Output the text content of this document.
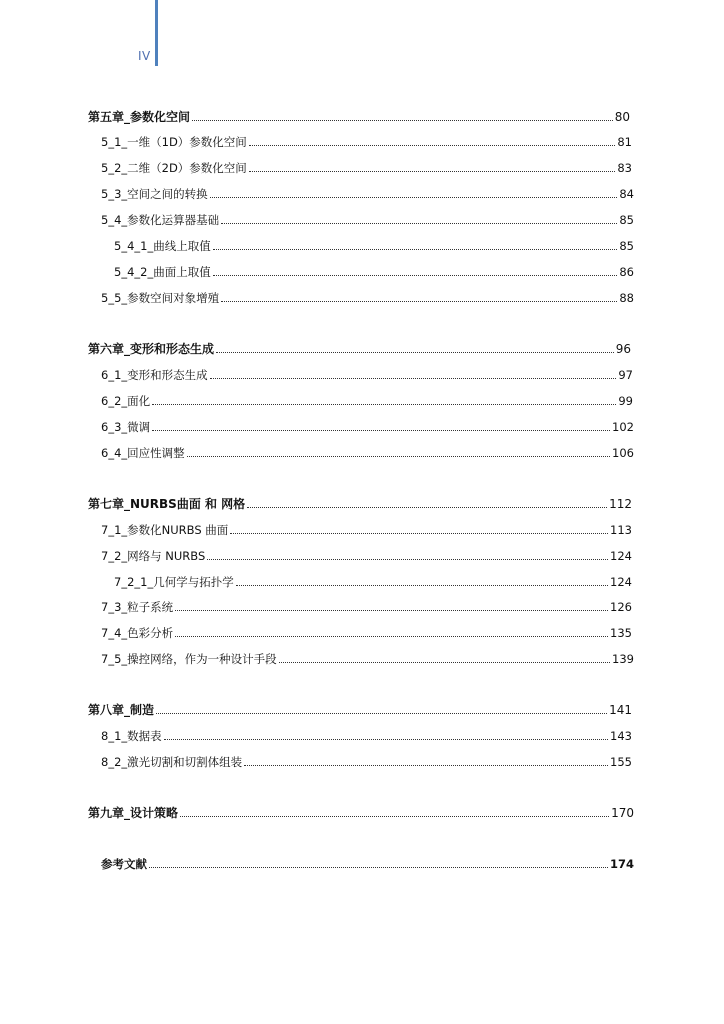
IV
第五章_参数化空间	80
5_1_一维（1D）参数化空间	81
5_2_二维（2D）参数化空间	83
5_3_空间之间的转换	84
5_4_参数化运算器基础	85
5_4_1_曲线上取值	85
5_4_2_曲面上取值	86
5_5_参数空间对象增殖	88
第六章_变形和形态生成	96
6_1_变形和形态生成	97
6_2_面化	99
6_3_微调	102
6_4_回应性调整	106
第七章_NURBS曲面 和 网格	112
7_1_参数化NURBS 曲面	113
7_2_网络与 NURBS	124
7_2_1_几何学与拓扑学	124
7_3_粒子系统	126
7_4_色彩分析	135
7_5_操控网络，作为一种设计手段	139
第八章_制造	141
8_1_数据表	143
8_2_激光切割和切割体组装	155
第九章_设计策略	170
参考文献	174
